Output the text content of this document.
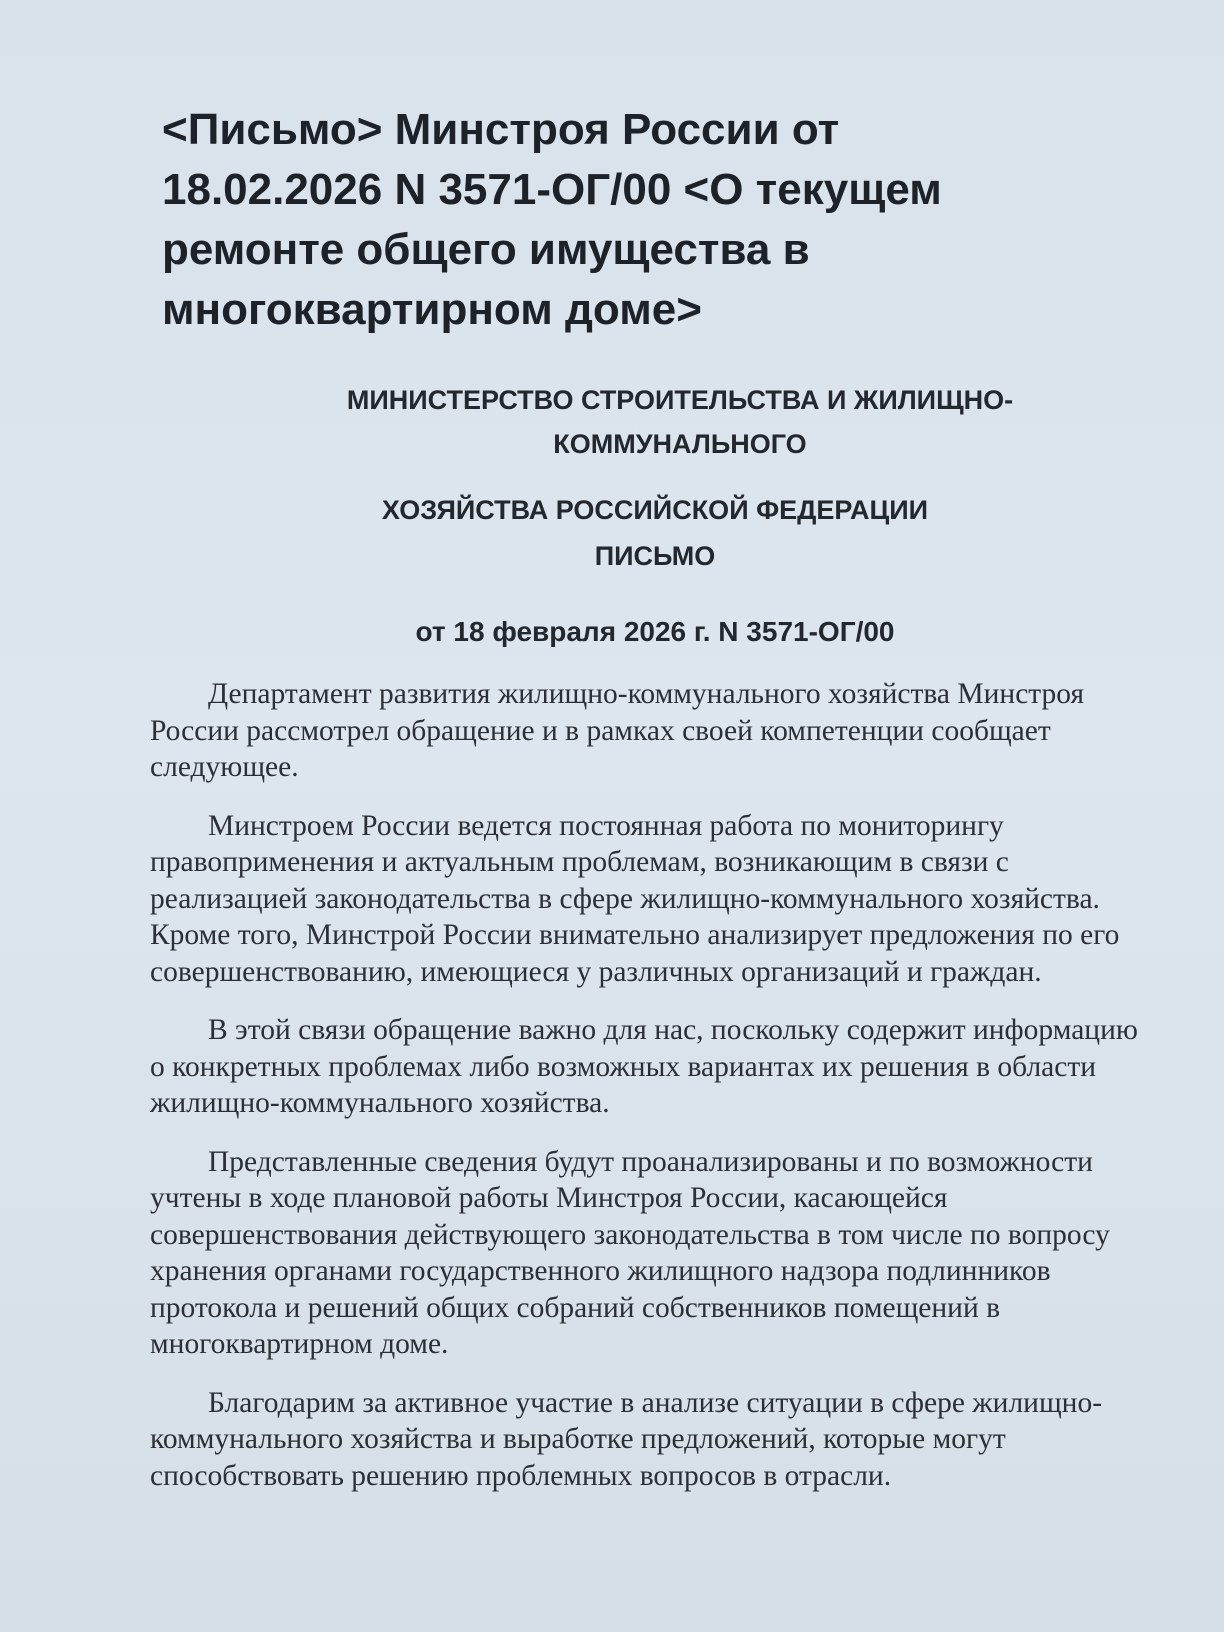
<Письмо> Минстроя России от 18.02.2026 N 3571-ОГ/00 <О текущем ремонте общего имущества в многоквартирном доме>
МИНИСТЕРСТВО СТРОИТЕЛЬСТВА И ЖИЛИЩНО-КОММУНАЛЬНОГО
ХОЗЯЙСТВА РОССИЙСКОЙ ФЕДЕРАЦИИ
ПИСЬМО
от 18 февраля 2026 г. N 3571-ОГ/00

Департамент развития жилищно-коммунального хозяйства Минстроя России рассмотрел обращение и в рамках своей компетенции сообщает следующее.

Минстроем России ведется постоянная работа по мониторингу правоприменения и актуальным проблемам, возникающим в связи с реализацией законодательства в сфере жилищно-коммунального хозяйства. Кроме того, Минстрой России внимательно анализирует предложения по его совершенствованию, имеющиеся у различных организаций и граждан.

В этой связи обращение важно для нас, поскольку содержит информацию о конкретных проблемах либо возможных вариантах их решения в области жилищно-коммунального хозяйства.

Представленные сведения будут проанализированы и по возможности учтены в ходе плановой работы Минстроя России, касающейся совершенствования действующего законодательства в том числе по вопросу хранения органами государственного жилищного надзора подлинников протокола и решений общих собраний собственников помещений в многоквартирном доме.

Благодарим за активное участие в анализе ситуации в сфере жилищно-коммунального хозяйства и выработке предложений, которые могут способствовать решению проблемных вопросов в отрасли.
